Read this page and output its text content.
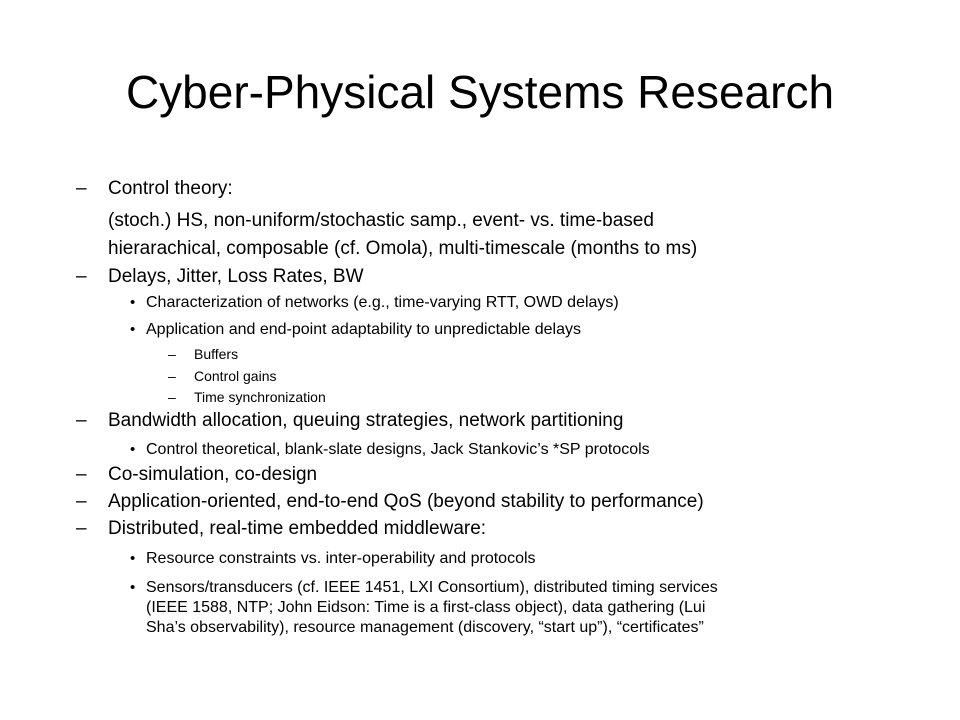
Cyber-Physical Systems Research
– Control theory:
(stoch.) HS, non-uniform/stochastic samp., event- vs. time-based
hierarachical, composable (cf. Omola), multi-timescale (months to ms)
– Delays, Jitter, Loss Rates, BW
• Characterization of networks (e.g., time-varying RTT, OWD delays)
• Application and end-point adaptability to unpredictable delays
– Buffers
– Control gains
– Time synchronization
– Bandwidth allocation, queuing strategies, network partitioning
• Control theoretical, blank-slate designs, Jack Stankovic’s *SP protocols
– Co-simulation, co-design
– Application-oriented, end-to-end QoS (beyond stability to performance)
– Distributed, real-time embedded middleware:
• Resource constraints vs. inter-operability and protocols
• Sensors/transducers (cf. IEEE 1451, LXI Consortium), distributed timing services
(IEEE 1588, NTP; John Eidson: Time is a first-class object), data gathering (Lui
Sha’s observability), resource management (discovery, “start up”), “certificates”
